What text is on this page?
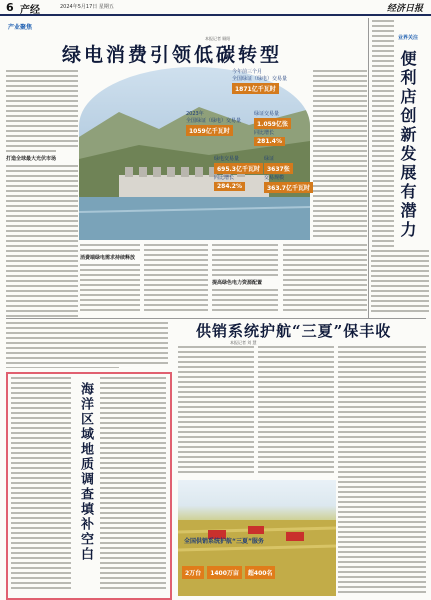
6 产经	2024年5月17日 星期五	经济日报
产业聚焦
本报记者 顾阳
绿电消费引领低碳转型
打造全球最大光伏市场
今年前三个月
全国绿证（绿电）交易量
1871亿千瓦时
2023年
全国绿证（绿电）交易量
1059亿千瓦时
绿证交易量
1.059亿张
同比增长
281.4%
绿电交易量
695.3亿千瓦时
同比增长
284.2%
绿证
3637张
交易规模
363.7亿千瓦时
消费端绿电需求持续释放
提高绿色电力资源配置
业界关注
便利店创新发展有潜力
海洋区域地质调查填补空白
本报记者 刘 慧
供销系统护航“三夏”保丰收
全国供销系统护航“三夏”服务
2万台	1400万亩	超400名
